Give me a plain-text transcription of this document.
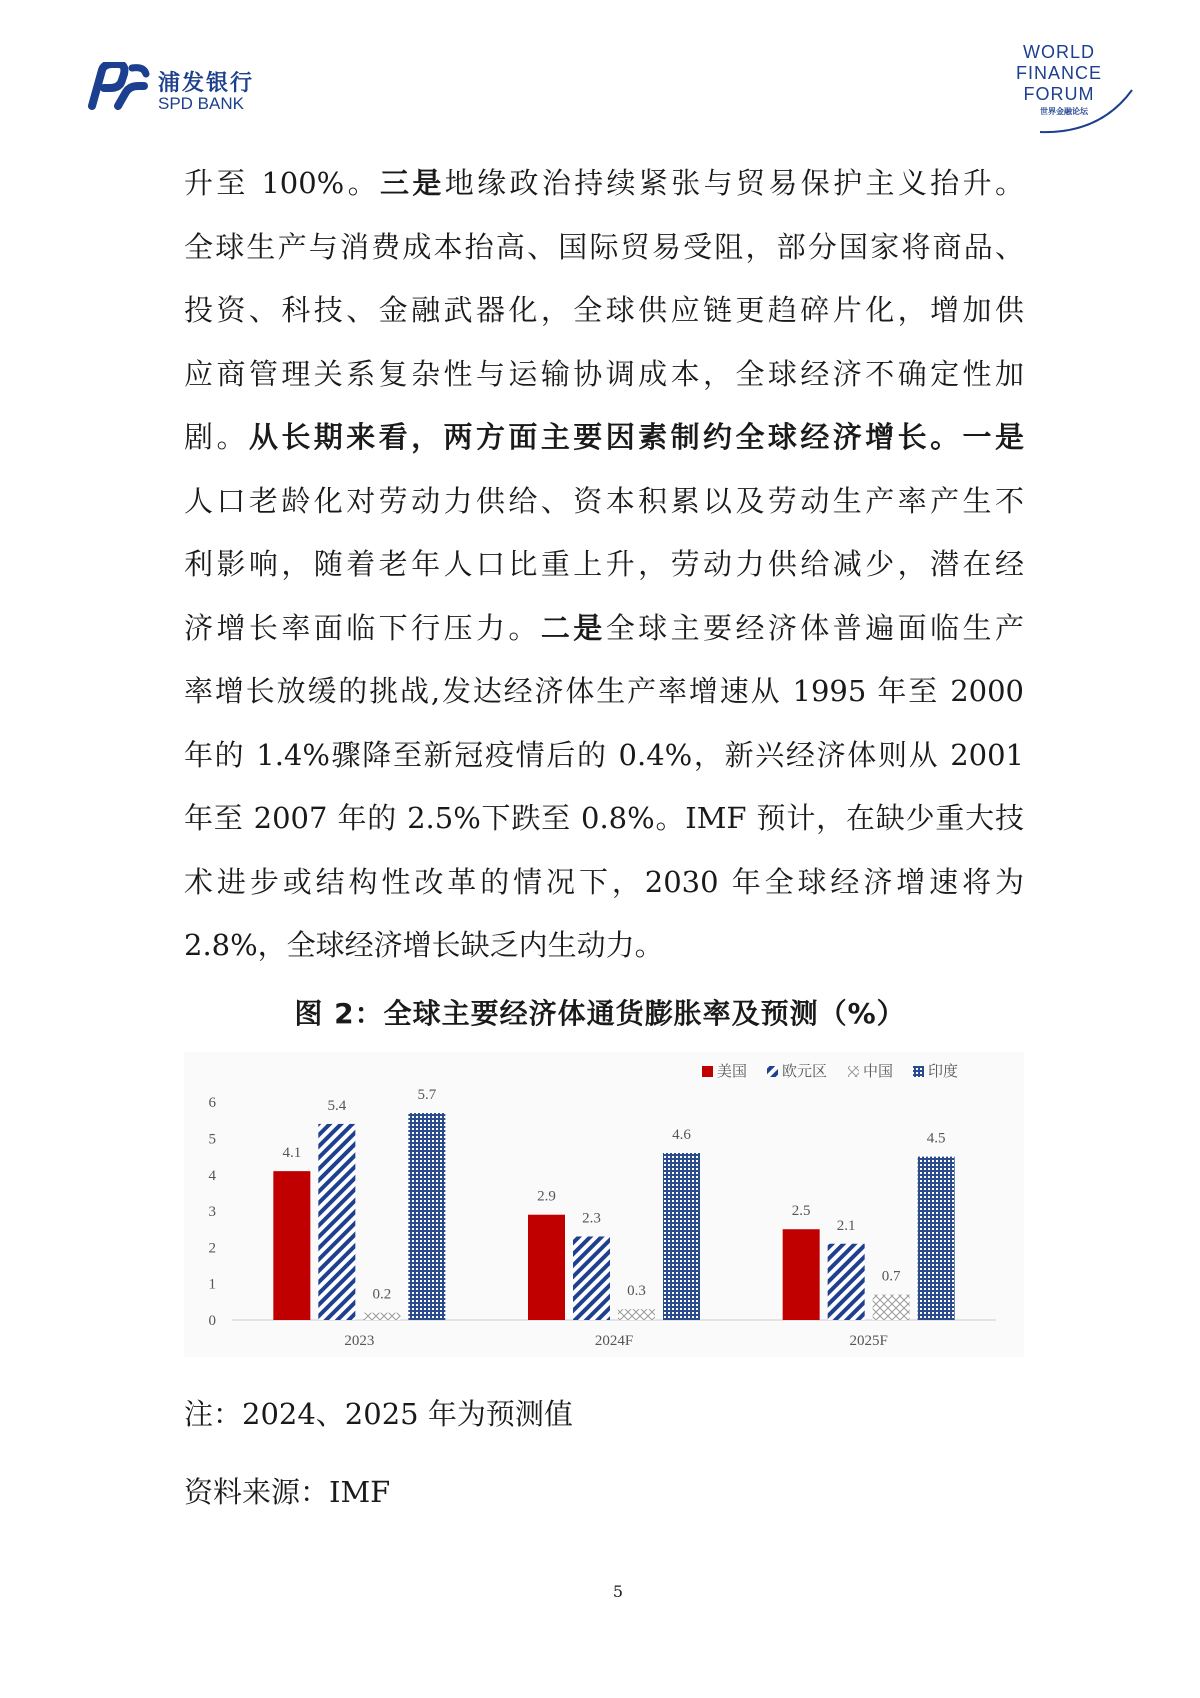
浦发银行
SPD BANK
WORLD
FINANCE
FORUM
世界金融论坛
升至 100%。三是地缘政治持续紧张与贸易保护主义抬升。
全球生产与消费成本抬高、国际贸易受阻，部分国家将商品、
投资、科技、金融武器化，全球供应链更趋碎片化，增加供
应商管理关系复杂性与运输协调成本，全球经济不确定性加
剧。从长期来看，两方面主要因素制约全球经济增长。一是
人口老龄化对劳动力供给、资本积累以及劳动生产率产生不
利影响，随着老年人口比重上升，劳动力供给减少，潜在经
济增长率面临下行压力。二是全球主要经济体普遍面临生产
率增长放缓的挑战,发达经济体生产率增速从 1995 年至 2000
年的 1.4%骤降至新冠疫情后的 0.4%，新兴经济体则从 2001
年至 2007 年的 2.5%下跌至 0.8%。IMF 预计，在缺少重大技
术进步或结构性改革的情况下，2030 年全球经济增速将为
2.8%，全球经济增长缺乏内生动力。
图 2：全球主要经济体通货膨胀率及预测（%）
0
1
2
3
4
5
6
4.1
5.4
0.2
5.7
2023
2.9
2.3
0.3
4.6
2024F
2.5
2.1
0.7
4.5
2025F
美国 欧元区 中国 印度
注：2024、2025 年为预测值
资料来源：IMF
5
